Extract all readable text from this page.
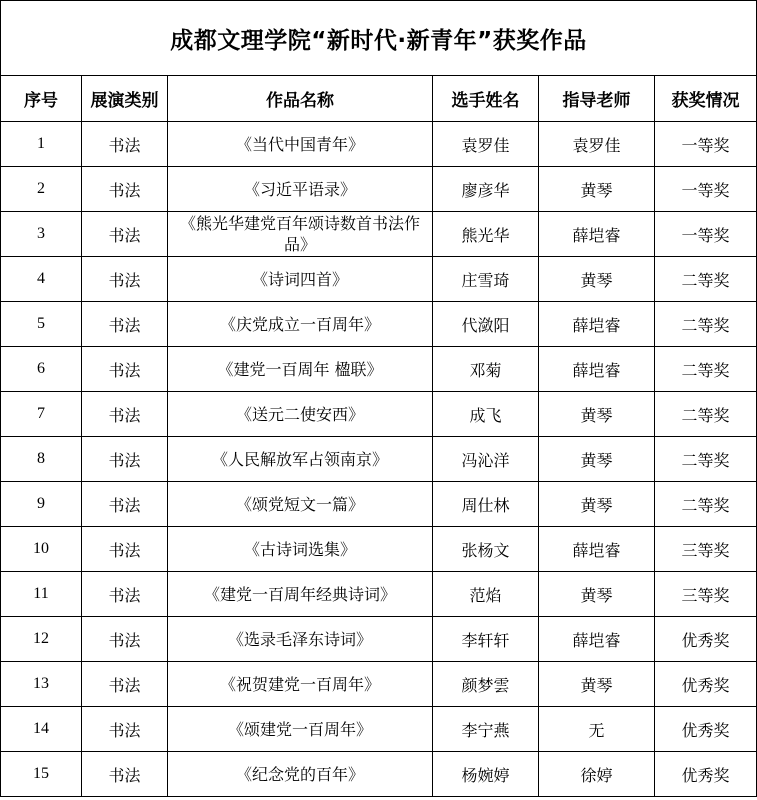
成都文理学院“新时代·新青年”获奖作品					
序号	展演类别	作品名称	选手姓名	指导老师	获奖情况
1	书法	《当代中国青年》	袁罗佳	袁罗佳	一等奖
2	书法	《习近平语录》	廖彦华	黄琴	一等奖
3	书法	《熊光华建党百年颂诗数首书法作品》	熊光华	薛垲睿	一等奖
4	书法	《诗词四首》	庄雪琦	黄琴	二等奖
5	书法	《庆党成立一百周年》	代潋阳	薛垲睿	二等奖
6	书法	《建党一百周年 楹联》	邓菊	薛垲睿	二等奖
7	书法	《送元二使安西》	成飞	黄琴	二等奖
8	书法	《人民解放军占领南京》	冯沁洋	黄琴	二等奖
9	书法	《颂党短文一篇》	周仕林	黄琴	二等奖
10	书法	《古诗词选集》	张杨文	薛垲睿	三等奖
11	书法	《建党一百周年经典诗词》	范焰	黄琴	三等奖
12	书法	《选录毛泽东诗词》	李轩轩	薛垲睿	优秀奖
13	书法	《祝贺建党一百周年》	颜梦雲	黄琴	优秀奖
14	书法	《颂建党一百周年》	李宁燕	无	优秀奖
15	书法	《纪念党的百年》	杨婉婷	徐婷	优秀奖
